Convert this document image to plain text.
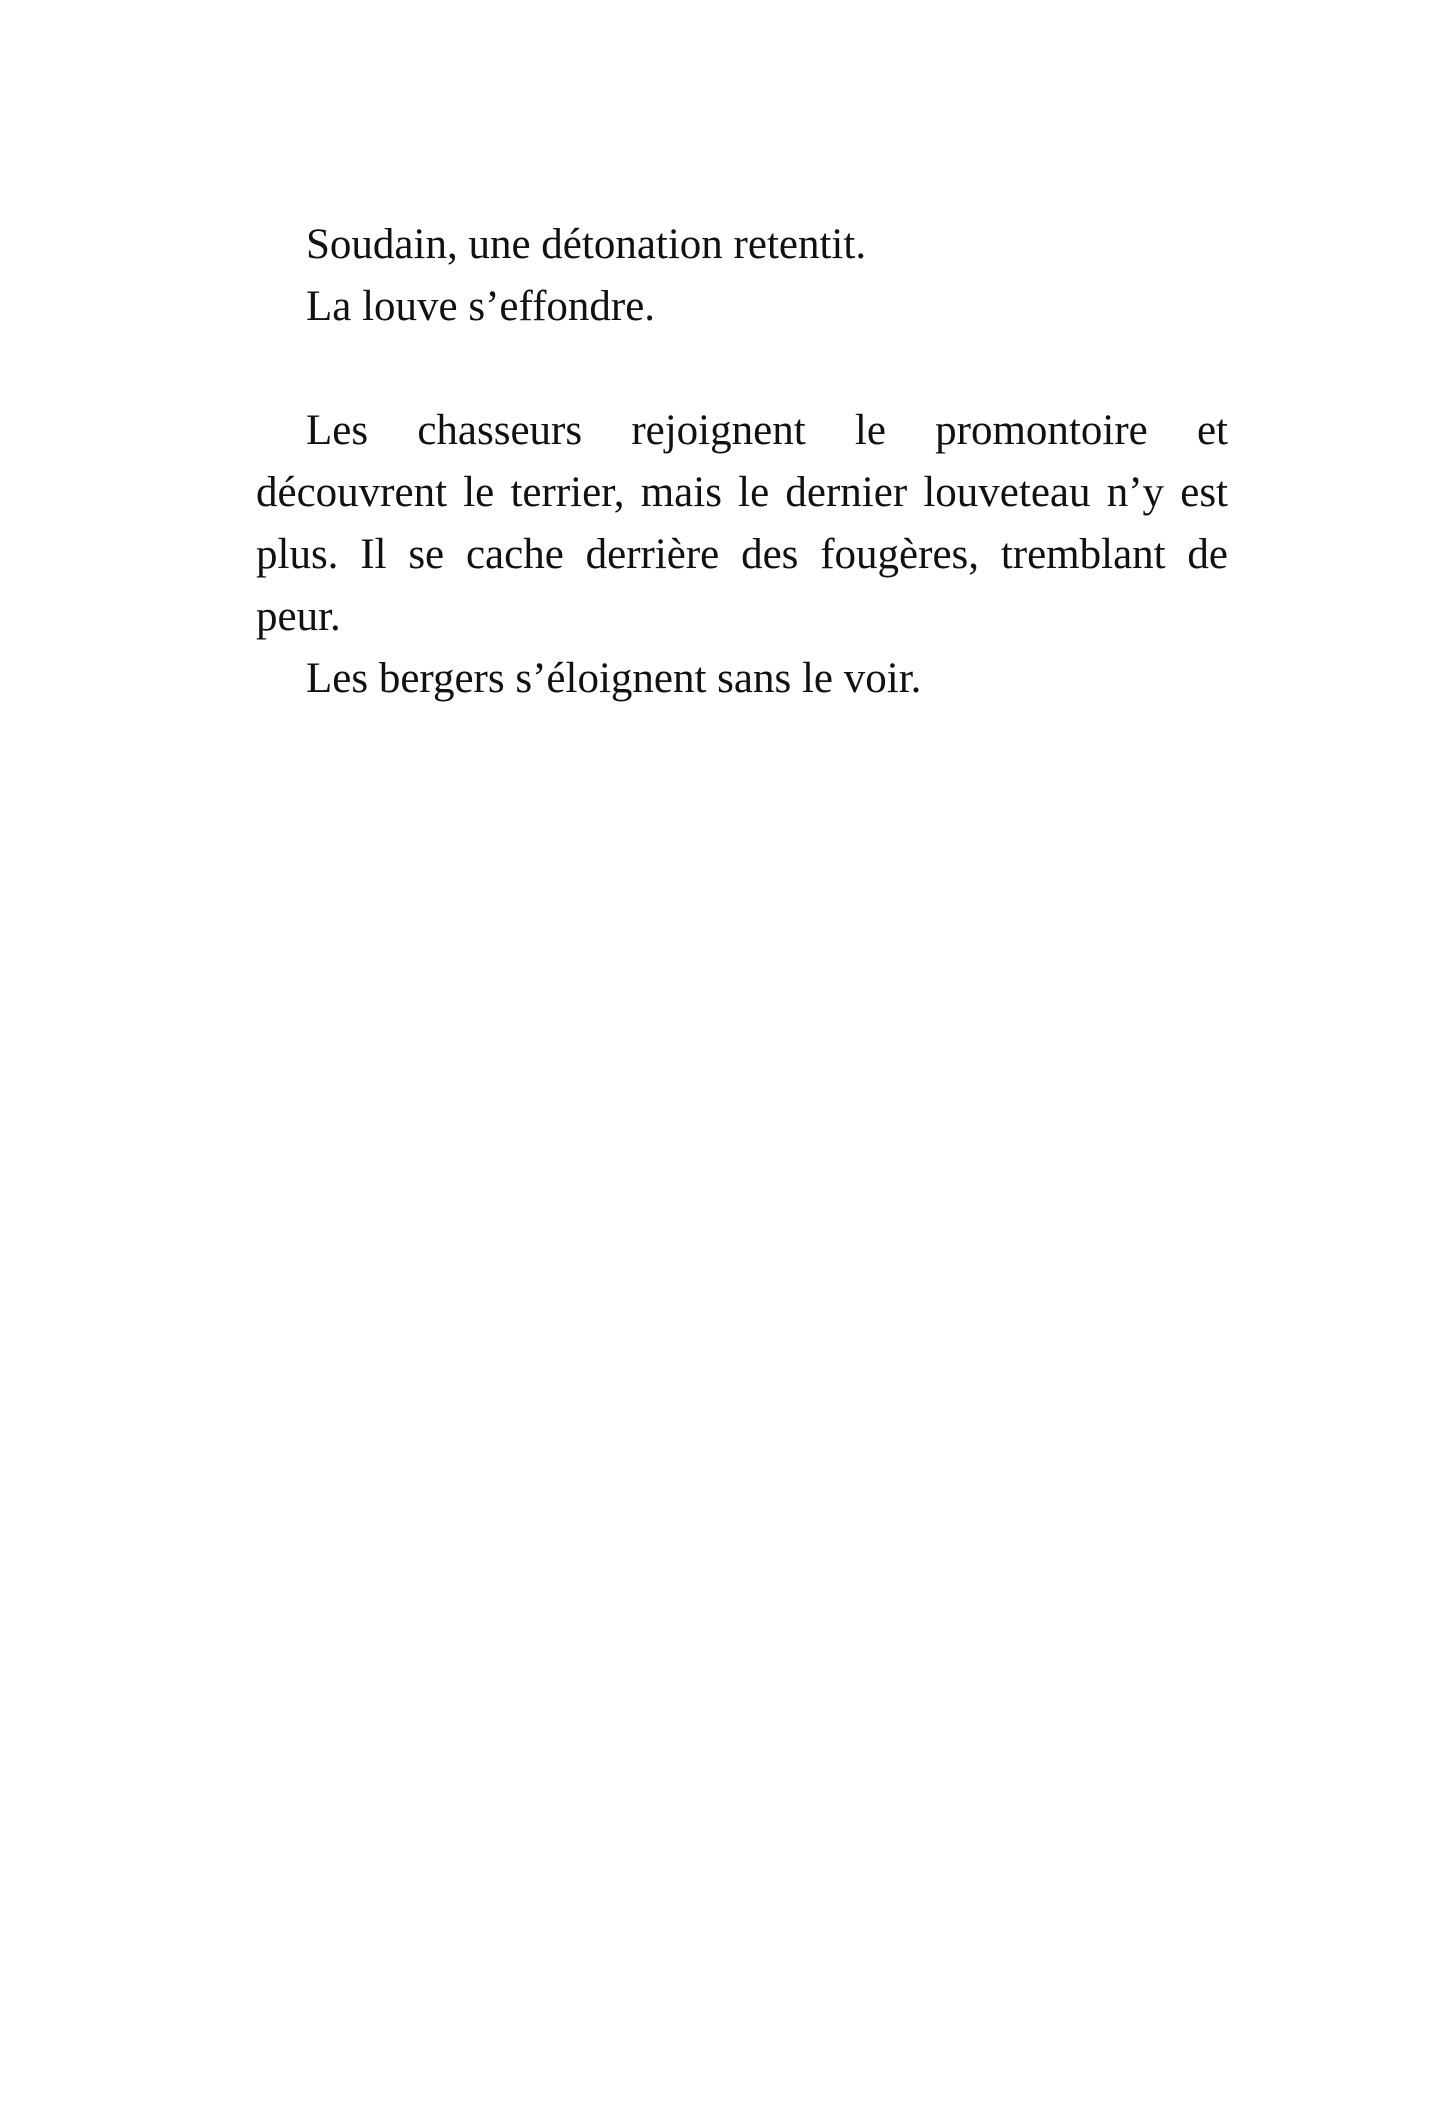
Soudain, une détonation retentit.

La louve s’effondre.

Les chasseurs rejoignent le promontoire et découvrent le terrier, mais le dernier louveteau n’y est plus. Il se cache derrière des fougères, tremblant de peur.

Les bergers s’éloignent sans le voir.
